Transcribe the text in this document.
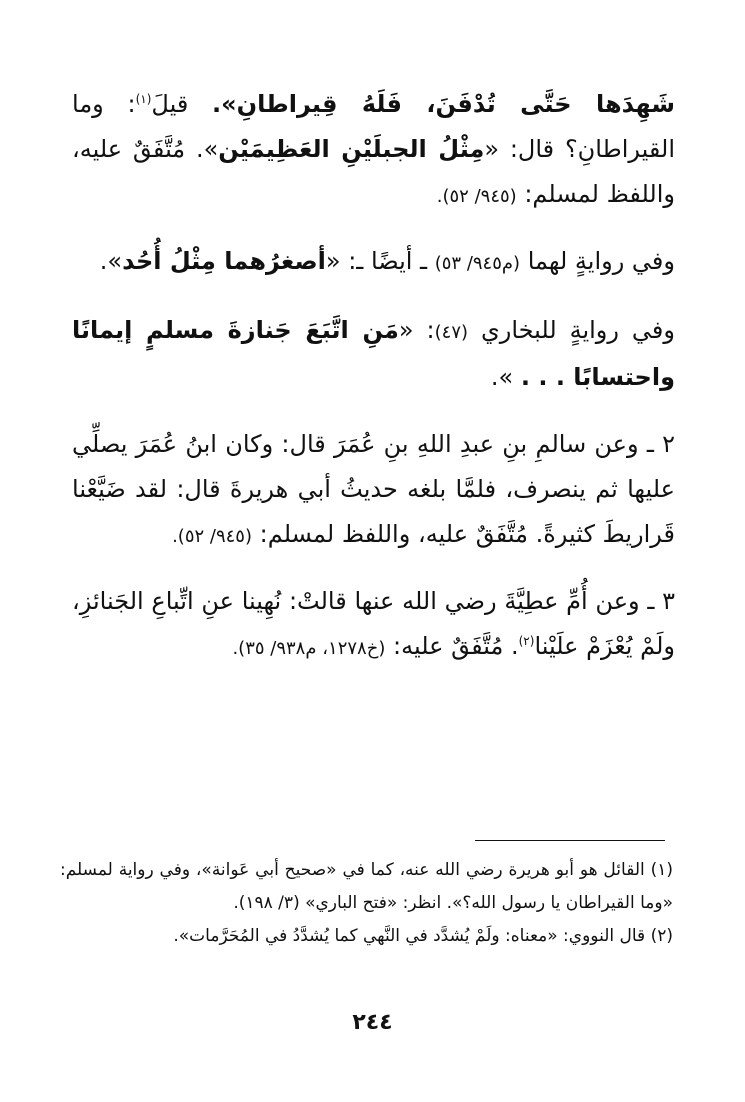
شَهِدَها حَتَّى تُدْفَنَ، فَلَهُ قِيراطانِ». قيلَ$^{(١)}$: وما القيراطانِ؟ قال: «مِثْلُ الجبلَيْنِ العَظِيمَيْن». مُتَّفَقٌ عليه، واللفظ لمسلم: (٩٤٥/ ٥٢).

وفي روايةٍ لهما (م٩٤٥/ ٥٣) ـ أيضًا ـ: «أصغرُهما مِثْلُ أُحُد».

وفي روايةٍ للبخاري (٤٧): «مَنِ اتَّبَعَ جَنازةَ مسلمٍ إيمانًا واحتسابًا . . . ».

٢ ـ وعن سالمِ بنِ عبدِ اللهِ بنِ عُمَرَ قال: وكان ابنُ عُمَرَ يصلِّي عليها ثم ينصرف، فلمَّا بلغه حديثُ أبي هريرةَ قال: لقد ضَيَّعْنا قَراريطَ كثيرةً. مُتَّفَقٌ عليه، واللفظ لمسلم: (٩٤٥/ ٥٢).

٣ ـ وعن أُمِّ عطِيَّةَ رضي الله عنها قالتْ: نُهِينا عنِ اتِّباعِ الجَنائزِ، ولَمْ يُعْزَمْ علَيْنا$^{(٢)}$. مُتَّفَقٌ عليه: (خ١٢٧٨، م٩٣٨/ ٣٥).

(١) القائل هو أبو هريرة رضي الله عنه، كما في «صحيح أبي عَوانة»، وفي رواية لمسلم: «وما القيراطان يا رسول الله؟». انظر: «فتح الباري» (٣/ ١٩٨).

(٢) قال النووي: «معناه: ولَمْ يُشدَّد في النَّهي كما يُشدَّدُ في المُحَرَّمات».

٢٤٤
